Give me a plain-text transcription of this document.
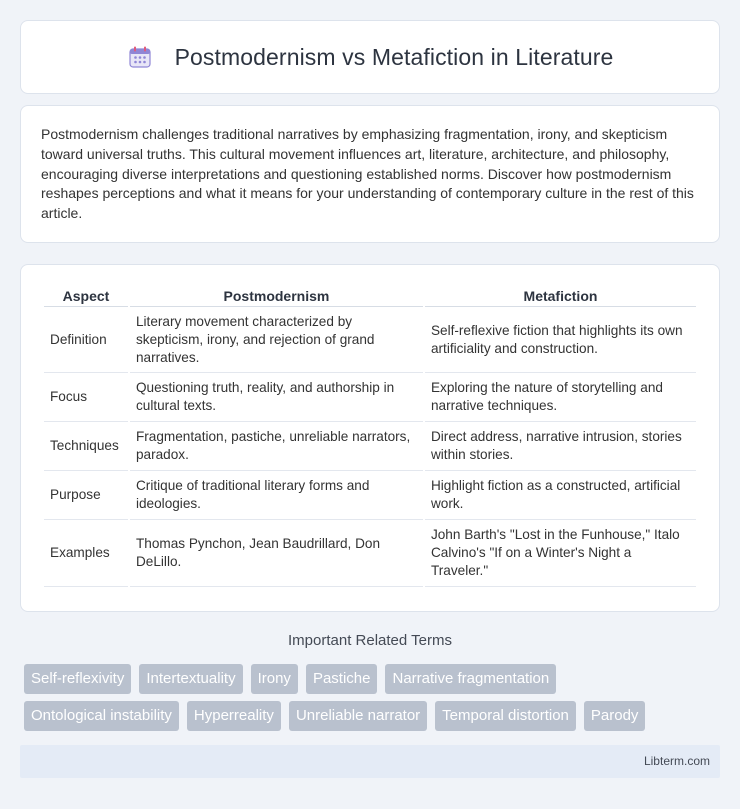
Postmodernism vs Metafiction in Literature

Postmodernism challenges traditional narratives by emphasizing fragmentation, irony, and skepticism toward universal truths. This cultural movement influences art, literature, architecture, and philosophy, encouraging diverse interpretations and questioning established norms. Discover how postmodernism reshapes perceptions and what it means for your understanding of contemporary culture in the rest of this article.

Aspect	Postmodernism	Metafiction
Definition	Literary movement characterized by skepticism, irony, and rejection of grand narratives.	Self-reflexive fiction that highlights its own artificiality and construction.
Focus	Questioning truth, reality, and authorship in cultural texts.	Exploring the nature of storytelling and narrative techniques.
Techniques	Fragmentation, pastiche, unreliable narrators, paradox.	Direct address, narrative intrusion, stories within stories.
Purpose	Critique of traditional literary forms and ideologies.	Highlight fiction as a constructed, artificial work.
Examples	Thomas Pynchon, Jean Baudrillard, Don DeLillo.	John Barth's "Lost in the Funhouse," Italo Calvino's "If on a Winter's Night a Traveler."
Important Related Terms
Self-reflexivity	Intertextuality	Irony	Pastiche	Narrative fragmentation
Ontological instability	Hyperreality	Unreliable narrator	Temporal distortion	Parody
Libterm.com
